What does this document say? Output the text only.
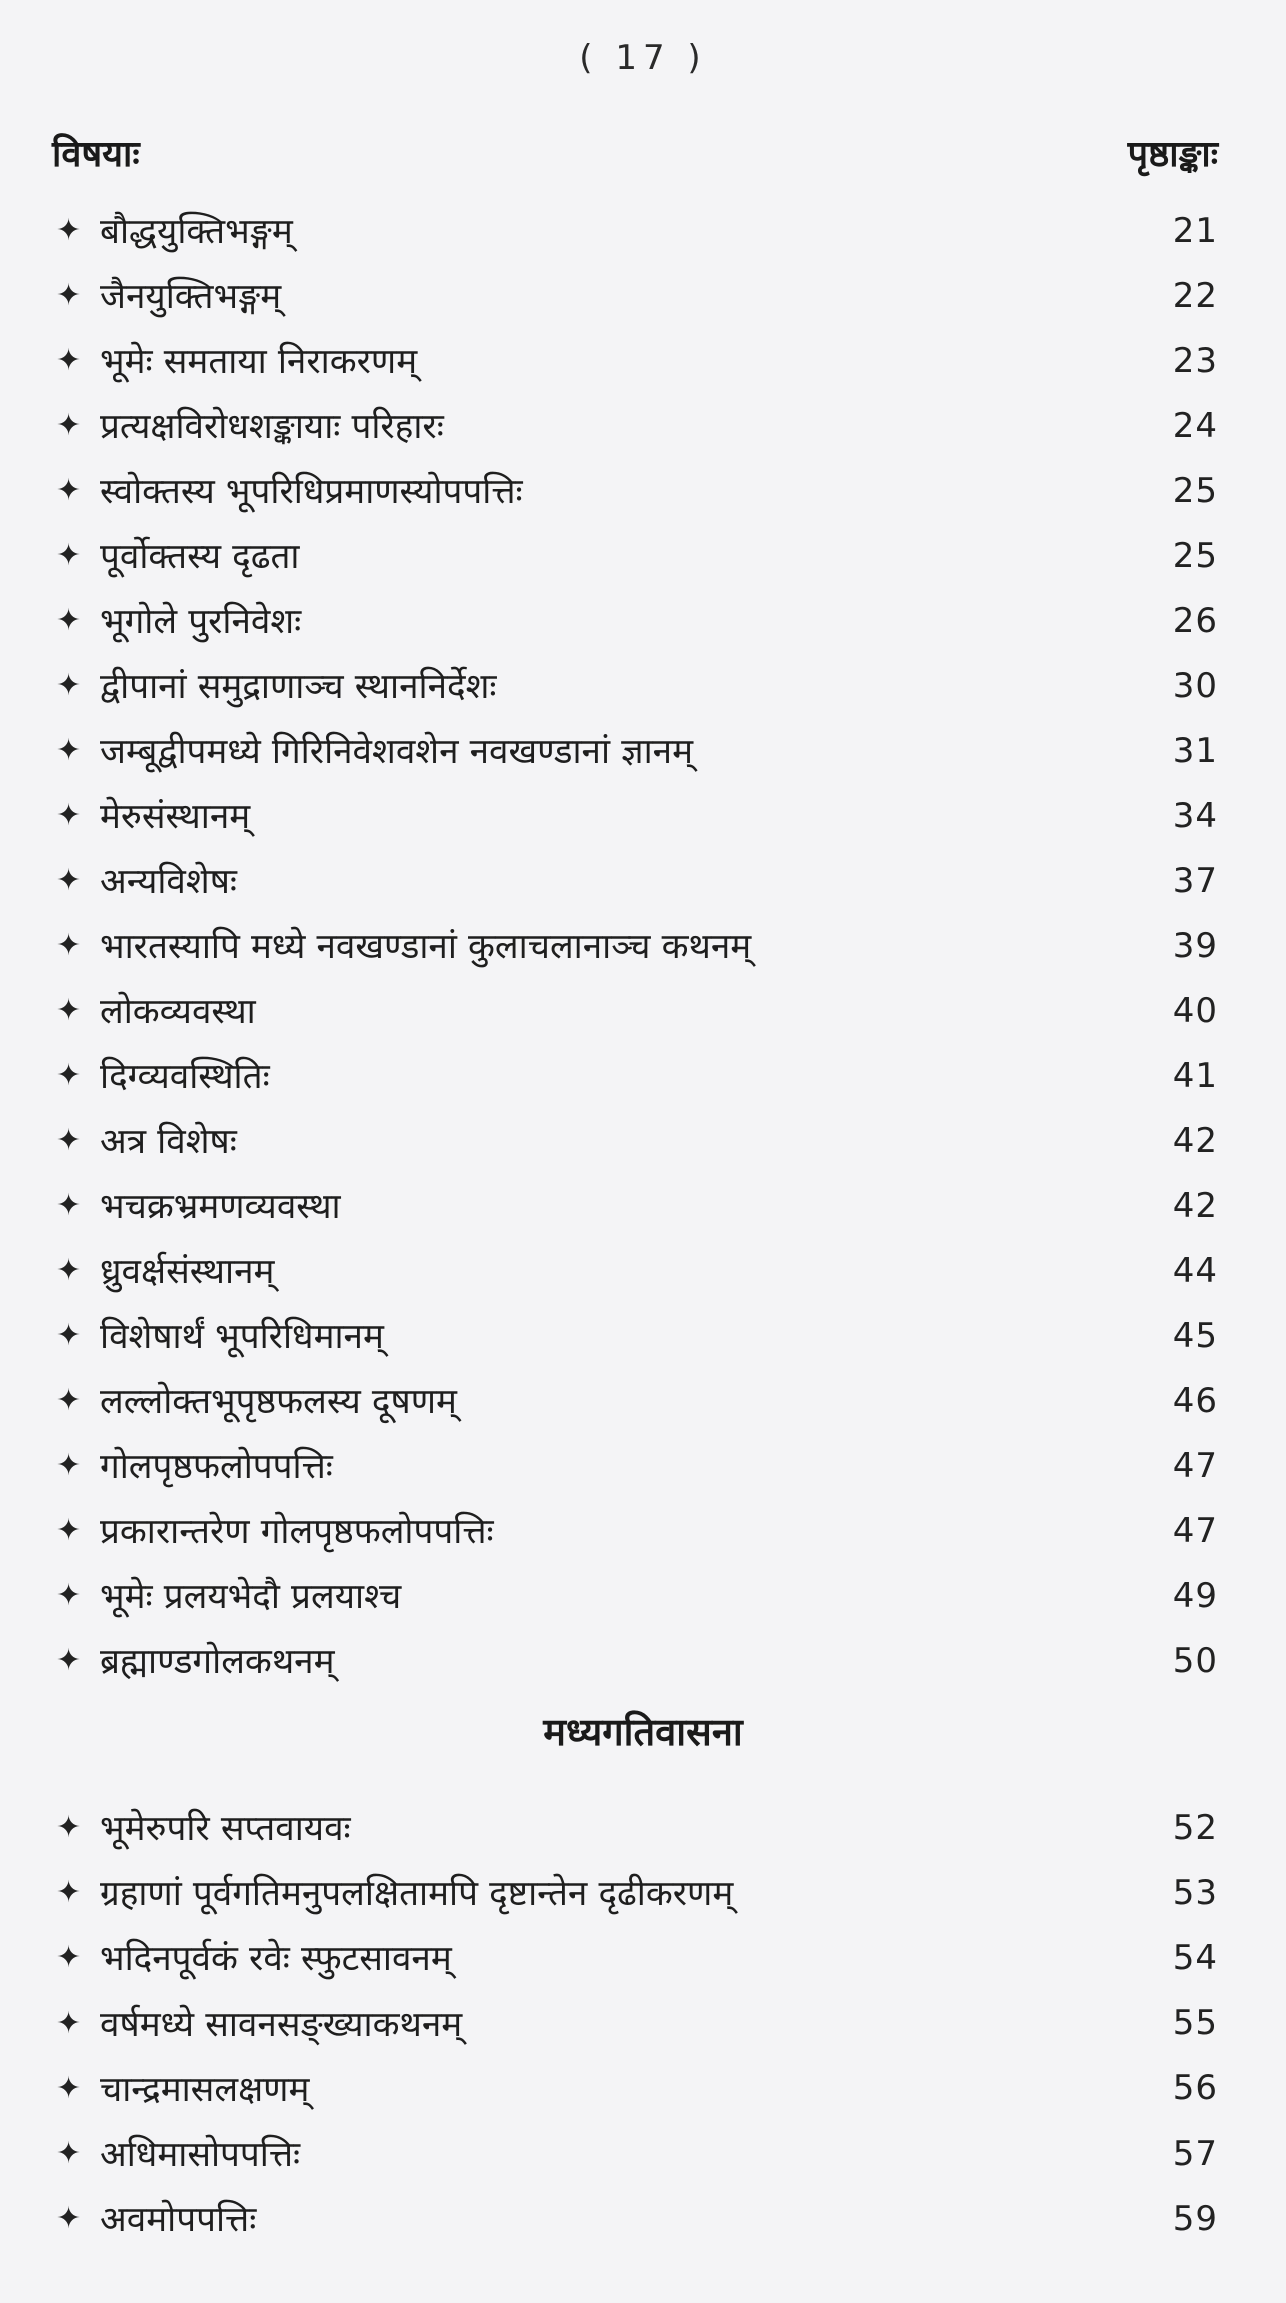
( 17 )
विषयाः	पृष्ठाङ्काः
✦ बौद्धयुक्तिभङ्गम्	21
✦ जैनयुक्तिभङ्गम्	22
✦ भूमेः समताया निराकरणम्	23
✦ प्रत्यक्षविरोधशङ्कायाः परिहारः	24
✦ स्वोक्तस्य भूपरिधिप्रमाणस्योपपत्तिः	25
✦ पूर्वोक्तस्य दृढता	25
✦ भूगोले पुरनिवेशः	26
✦ द्वीपानां समुद्राणाञ्च स्थाननिर्देशः	30
✦ जम्बूद्वीपमध्ये गिरिनिवेशवशेन नवखण्डानां ज्ञानम्	31
✦ मेरुसंस्थानम्	34
✦ अन्यविशेषः	37
✦ भारतस्यापि मध्ये नवखण्डानां कुलाचलानाञ्च कथनम्	39
✦ लोकव्यवस्था	40
✦ दिग्व्यवस्थितिः	41
✦ अत्र विशेषः	42
✦ भचक्रभ्रमणव्यवस्था	42
✦ ध्रुवर्क्षसंस्थानम्	44
✦ विशेषार्थं भूपरिधिमानम्	45
✦ लल्लोक्तभूपृष्ठफलस्य दूषणम्	46
✦ गोलपृष्ठफलोपपत्तिः	47
✦ प्रकारान्तरेण गोलपृष्ठफलोपपत्तिः	47
✦ भूमेः प्रलयभेदौ प्रलयाश्च	49
✦ ब्रह्माण्डगोलकथनम्	50
मध्यगतिवासना
✦ भूमेरुपरि सप्तवायवः	52
✦ ग्रहाणां पूर्वगतिमनुपलक्षितामपि दृष्टान्तेन दृढीकरणम्	53
✦ भदिनपूर्वकं रवेः स्फुटसावनम्	54
✦ वर्षमध्ये सावनसङ्ख्याकथनम्	55
✦ चान्द्रमासलक्षणम्	56
✦ अधिमासोपपत्तिः	57
✦ अवमोपपत्तिः	59
